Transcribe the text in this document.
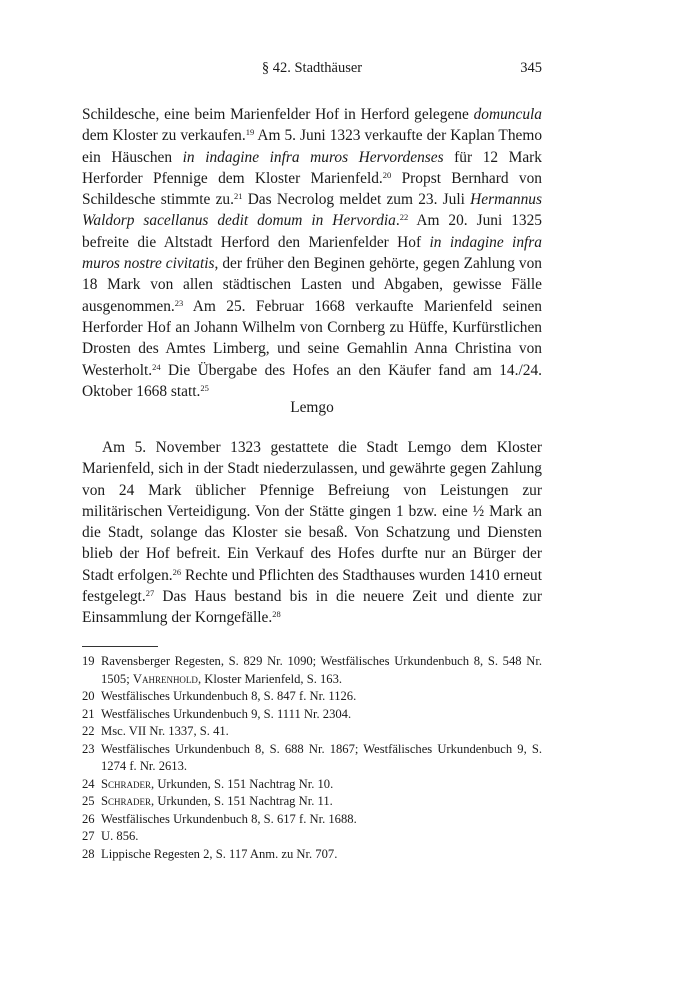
§ 42. Stadthäuser	345

Schildesche, eine beim Marienfelder Hof in Herford gelegene domuncula dem Kloster zu verkaufen.$^{19}$ Am 5. Juni 1323 verkaufte der Kaplan Themo ein Häuschen in indagine infra muros Hervordenses für 12 Mark Herforder Pfennige dem Kloster Marienfeld.$^{20}$ Propst Bernhard von Schildesche stimmte zu.$^{21}$ Das Necrolog meldet zum 23. Juli Hermannus Waldorp sacellanus dedit domum in Hervordia.$^{22}$ Am 20. Juni 1325 befreite die Altstadt Herford den Marienfelder Hof in indagine infra muros nostre civitatis, der früher den Beginen gehörte, gegen Zahlung von 18 Mark von allen städtischen Lasten und Abgaben, gewisse Fälle ausgenommen.$^{23}$ Am 25. Februar 1668 verkaufte Marienfeld seinen Herforder Hof an Johann Wilhelm von Cornberg zu Hüffe, Kurfürstlichen Drosten des Amtes Limberg, und seine Gemahlin Anna Christina von Westerholt.$^{24}$ Die Übergabe des Hofes an den Käufer fand am 14./24. Oktober 1668 statt.$^{25}$

Lemgo

Am 5. November 1323 gestattete die Stadt Lemgo dem Kloster Marienfeld, sich in der Stadt niederzulassen, und gewährte gegen Zahlung von 24 Mark üblicher Pfennige Befreiung von Leistungen zur militärischen Verteidigung. Von der Stätte gingen 1 bzw. eine ½ Mark an die Stadt, solange das Kloster sie besaß. Von Schatzung und Diensten blieb der Hof befreit. Ein Verkauf des Hofes durfte nur an Bürger der Stadt erfolgen.$^{26}$ Rechte und Pflichten des Stadthauses wurden 1410 erneut festgelegt.$^{27}$ Das Haus bestand bis in die neuere Zeit und diente zur Einsammlung der Korngefälle.$^{28}$

19 Ravensberger Regesten, S. 829 Nr. 1090; Westfälisches Urkundenbuch 8, S. 548 Nr. 1505; Vahrenhold, Kloster Marienfeld, S. 163.
20 Westfälisches Urkundenbuch 8, S. 847 f. Nr. 1126.
21 Westfälisches Urkundenbuch 9, S. 1111 Nr. 2304.
22 Msc. VII Nr. 1337, S. 41.
23 Westfälisches Urkundenbuch 8, S. 688 Nr. 1867; Westfälisches Urkundenbuch 9, S. 1274 f. Nr. 2613.
24 Schrader, Urkunden, S. 151 Nachtrag Nr. 10.
25 Schrader, Urkunden, S. 151 Nachtrag Nr. 11.
26 Westfälisches Urkundenbuch 8, S. 617 f. Nr. 1688.
27 U. 856.
28 Lippische Regesten 2, S. 117 Anm. zu Nr. 707.
